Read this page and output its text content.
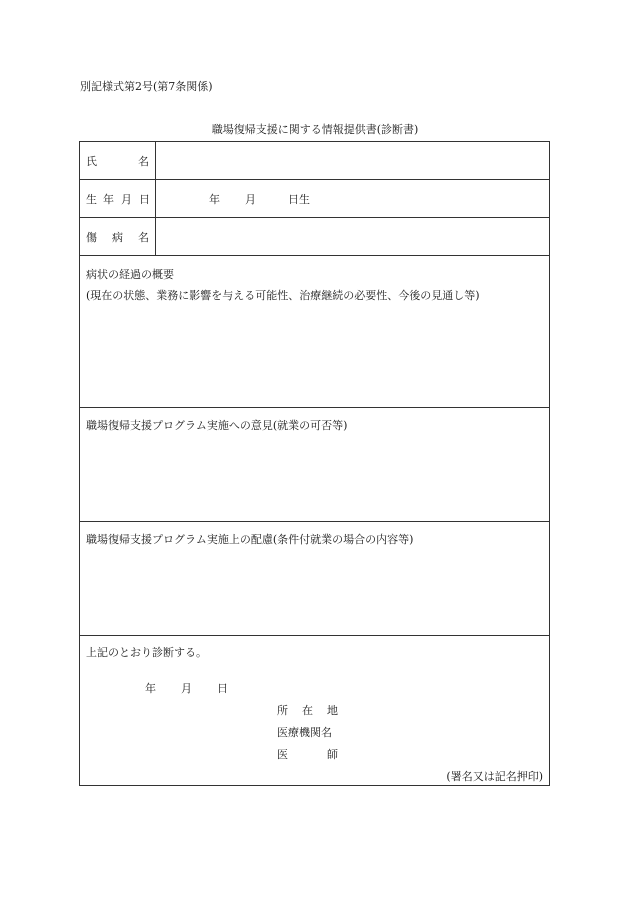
別記様式第2号(第7条関係)
職場復帰支援に関する情報提供書(診断書)
氏	名
生 年 月 日	年 月	日生
傷 病 名
病状の経過の概要
(現在の状態、業務に影響を与える可能性、治療継続の必要性、今後の見通し等)
職場復帰支援プログラム実施への意見(就業の可否等)
職場復帰支援プログラム実施上の配慮(条件付就業の場合の内容等)
上記のとおり診断する。
年 月 日
所 在 地
医療機関名
医	師
(署名又は記名押印)
